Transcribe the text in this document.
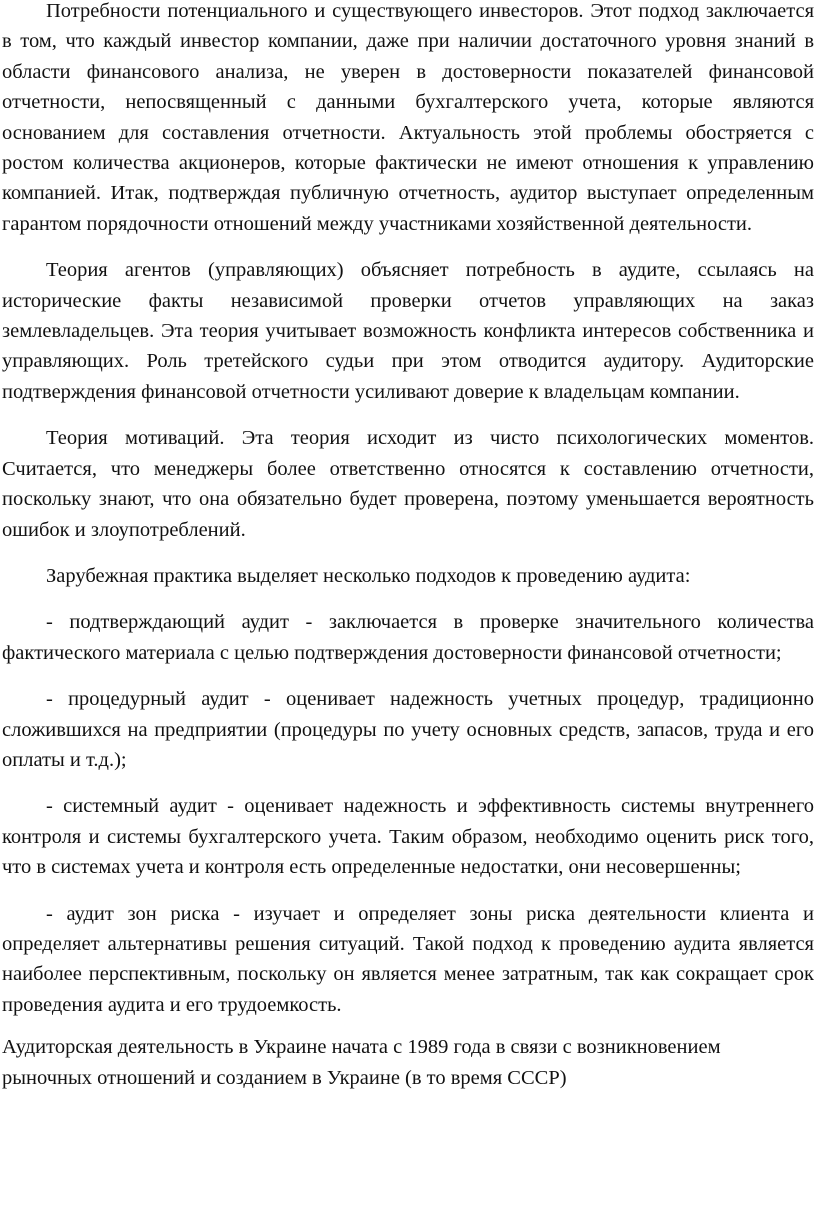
Потребности потенциального и существующего инвесторов. Этот подход заключается в том, что каждый инвестор компании, даже при наличии достаточного уровня знаний в области финансового анализа, не уверен в достоверности показателей финансовой отчетности, непосвященный с данными бухгалтерского учета, которые являются основанием для составления отчетности. Актуальность этой проблемы обостряется с ростом количества акционеров, которые фактически не имеют отношения к управлению компанией. Итак, подтверждая публичную отчетность, аудитор выступает определенным гарантом порядочности отношений между участниками хозяйственной деятельности.

Теория агентов (управляющих) объясняет потребность в аудите, ссылаясь на исторические факты независимой проверки отчетов управляющих на заказ землевладельцев. Эта теория учитывает возможность конфликта интересов собственника и управляющих. Роль третейского судьи при этом отводится аудитору. Аудиторские подтверждения финансовой отчетности усиливают доверие к владельцам компании.

Теория мотиваций. Эта теория исходит из чисто психологических моментов. Считается, что менеджеры более ответственно относятся к составлению отчетности, поскольку знают, что она обязательно будет проверена, поэтому уменьшается вероятность ошибок и злоупотреблений.

Зарубежная практика выделяет несколько подходов к проведению аудита:

- подтверждающий аудит - заключается в проверке значительного количества фактического материала с целью подтверждения достоверности финансовой отчетности;

- процедурный аудит - оценивает надежность учетных процедур, традиционно сложившихся на предприятии (процедуры по учету основных средств, запасов, труда и его оплаты и т.д.);

- системный аудит - оценивает надежность и эффективность системы внутреннего контроля и системы бухгалтерского учета. Таким образом, необходимо оценить риск того, что в системах учета и контроля есть определенные недостатки, они несовершенны;

- аудит зон риска - изучает и определяет зоны риска деятельности клиента и определяет альтернативы решения ситуаций. Такой подход к проведению аудита является наиболее перспективным, поскольку он является менее затратным, так как сокращает срок проведения аудита и его трудоемкость.

Аудиторская деятельность в Украине начата с 1989 года в связи с возникновением рыночных отношений и созданием в Украине (в то время СССР)
